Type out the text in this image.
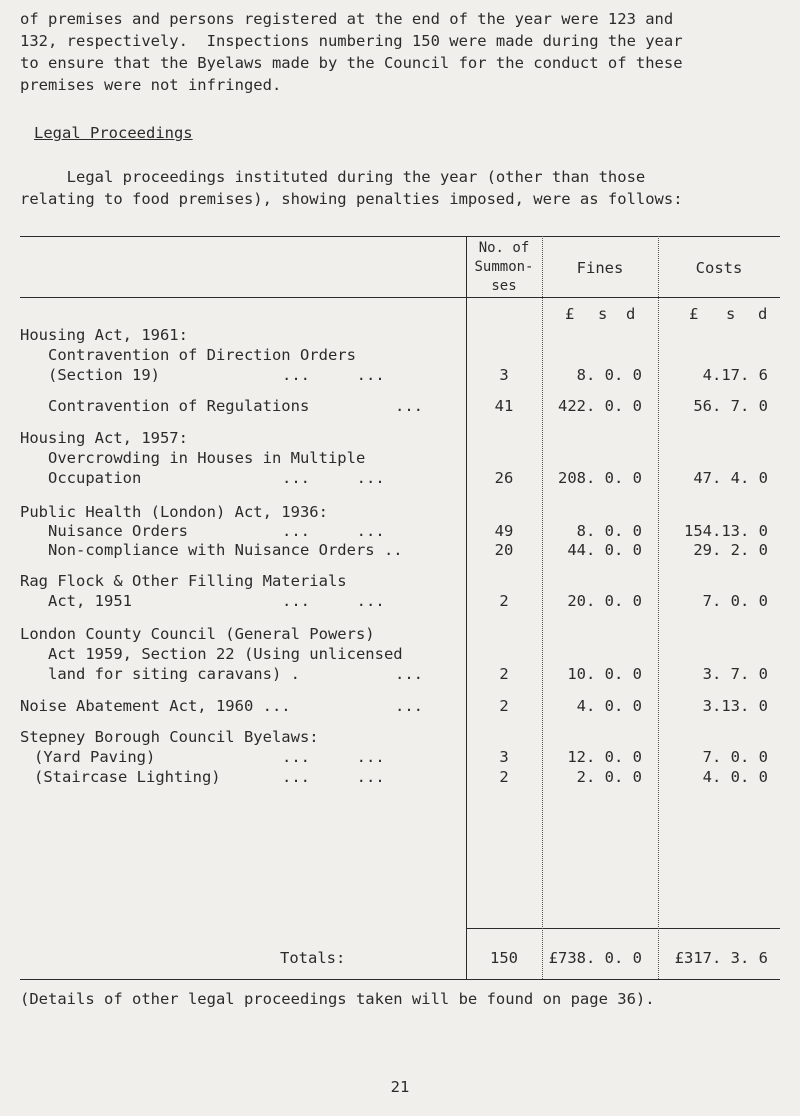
of premises and persons registered at the end of the year were 123 and
132, respectively.  Inspections numbering 150 were made during the year
to ensure that the Byelaws made by the Council for the conduct of these
premises were not infringed.
Legal Proceedings
Legal proceedings instituted during the year (other than those
relating to food premises), showing penalties imposed, were as follows:
No. of
Summon-
ses
Fines	Costs
£ s d	£ s d
Housing Act, 1961:
Contravention of Direction Orders
(Section 19)	...     ...	3	8. 0. 0	4.17. 6
Contravention of Regulations	...	41	422. 0. 0	56. 7. 0
Housing Act, 1957:
Overcrowding in Houses in Multiple
Occupation	...     ...	26	208. 0. 0	47. 4. 0
Public Health (London) Act, 1936:
Nuisance Orders	...     ...	49	8. 0. 0	154.13. 0
Non-compliance with Nuisance Orders ..	20	44. 0. 0	29. 2. 0
Rag Flock & Other Filling Materials
Act, 1951	...     ...	2	20. 0. 0	7. 0. 0
London County Council (General Powers)
Act 1959, Section 22 (Using unlicensed
land for siting caravans) .	...	2	10. 0. 0	3. 7. 0
Noise Abatement Act, 1960 ...	...	2	4. 0. 0	3.13. 0
Stepney Borough Council Byelaws:
(Yard Paving)	...     ...	3	12. 0. 0	7. 0. 0
(Staircase Lighting)	...     ...	2	2. 0. 0	4. 0. 0
Totals:	150	£738. 0. 0	£317. 3. 6
(Details of other legal proceedings taken will be found on page 36).
21
